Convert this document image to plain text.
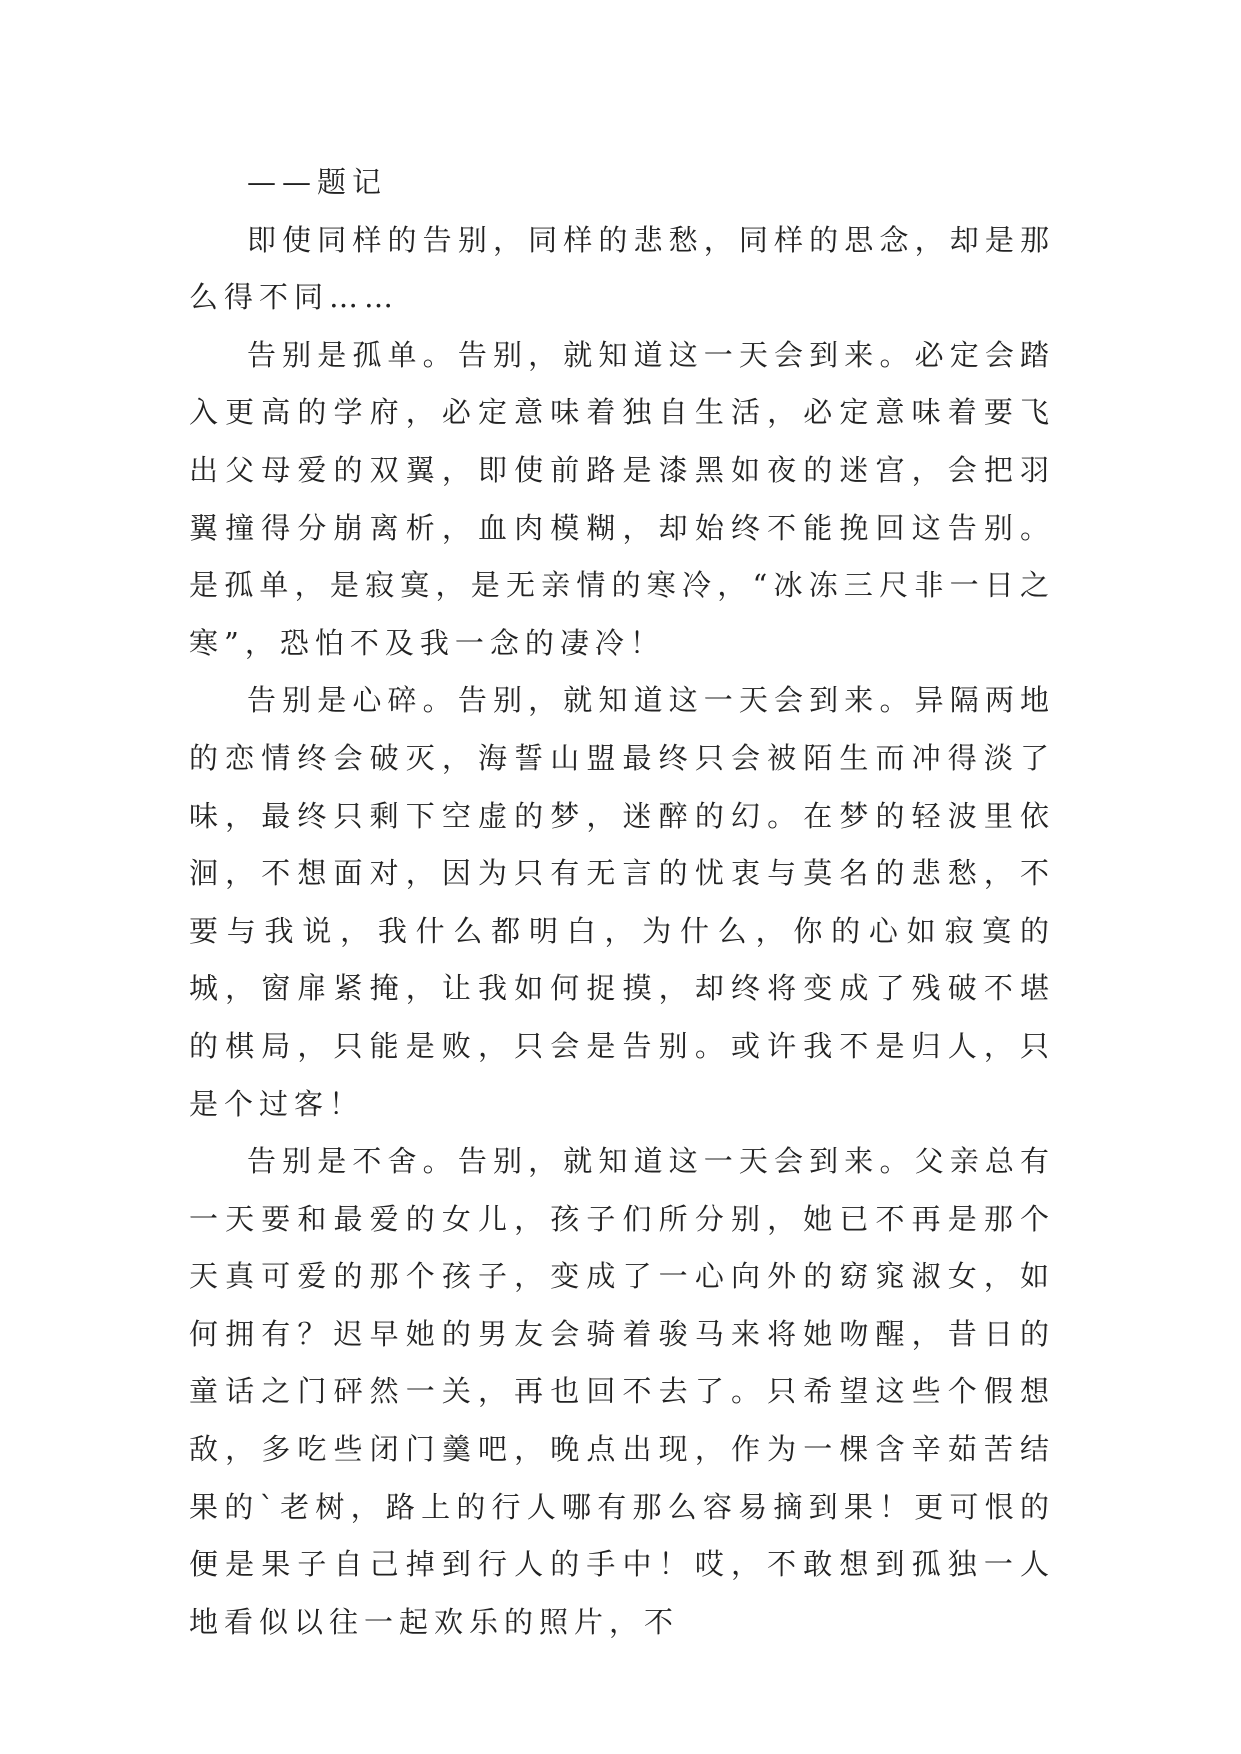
——题记

即使同样的告别，同样的悲愁，同样的思念，却是那么得不同……

告别是孤单。告别，就知道这一天会到来。必定会踏入更高的学府，必定意味着独自生活，必定意味着要飞出父母爱的双翼，即使前路是漆黑如夜的迷宫，会把羽翼撞得分崩离析，血肉模糊，却始终不能挽回这告别。是孤单，是寂寞，是无亲情的寒冷，“冰冻三尺非一日之寒”，恐怕不及我一念的凄冷！

告别是心碎。告别，就知道这一天会到来。异隔两地的恋情终会破灭，海誓山盟最终只会被陌生而冲得淡了味，最终只剩下空虚的梦，迷醉的幻。在梦的轻波里依洄，不想面对，因为只有无言的忧衷与莫名的悲愁，不要与我说，我什么都明白，为什么，你的心如寂寞的城，窗扉紧掩，让我如何捉摸，却终将变成了残破不堪的棋局，只能是败，只会是告别。或许我不是归人，只是个过客！

告别是不舍。告别，就知道这一天会到来。父亲总有一天要和最爱的女儿，孩子们所分别，她已不再是那个天真可爱的那个孩子，变成了一心向外的窈窕淑女，如何拥有？迟早她的男友会骑着骏马来将她吻醒，昔日的童话之门砰然一关，再也回不去了。只希望这些个假想敌，多吃些闭门羹吧，晚点出现，作为一棵含辛茹苦结果的`老树，路上的行人哪有那么容易摘到果！更可恨的便是果子自己掉到行人的手中！哎，不敢想到孤独一人地看似以往一起欢乐的照片，不
